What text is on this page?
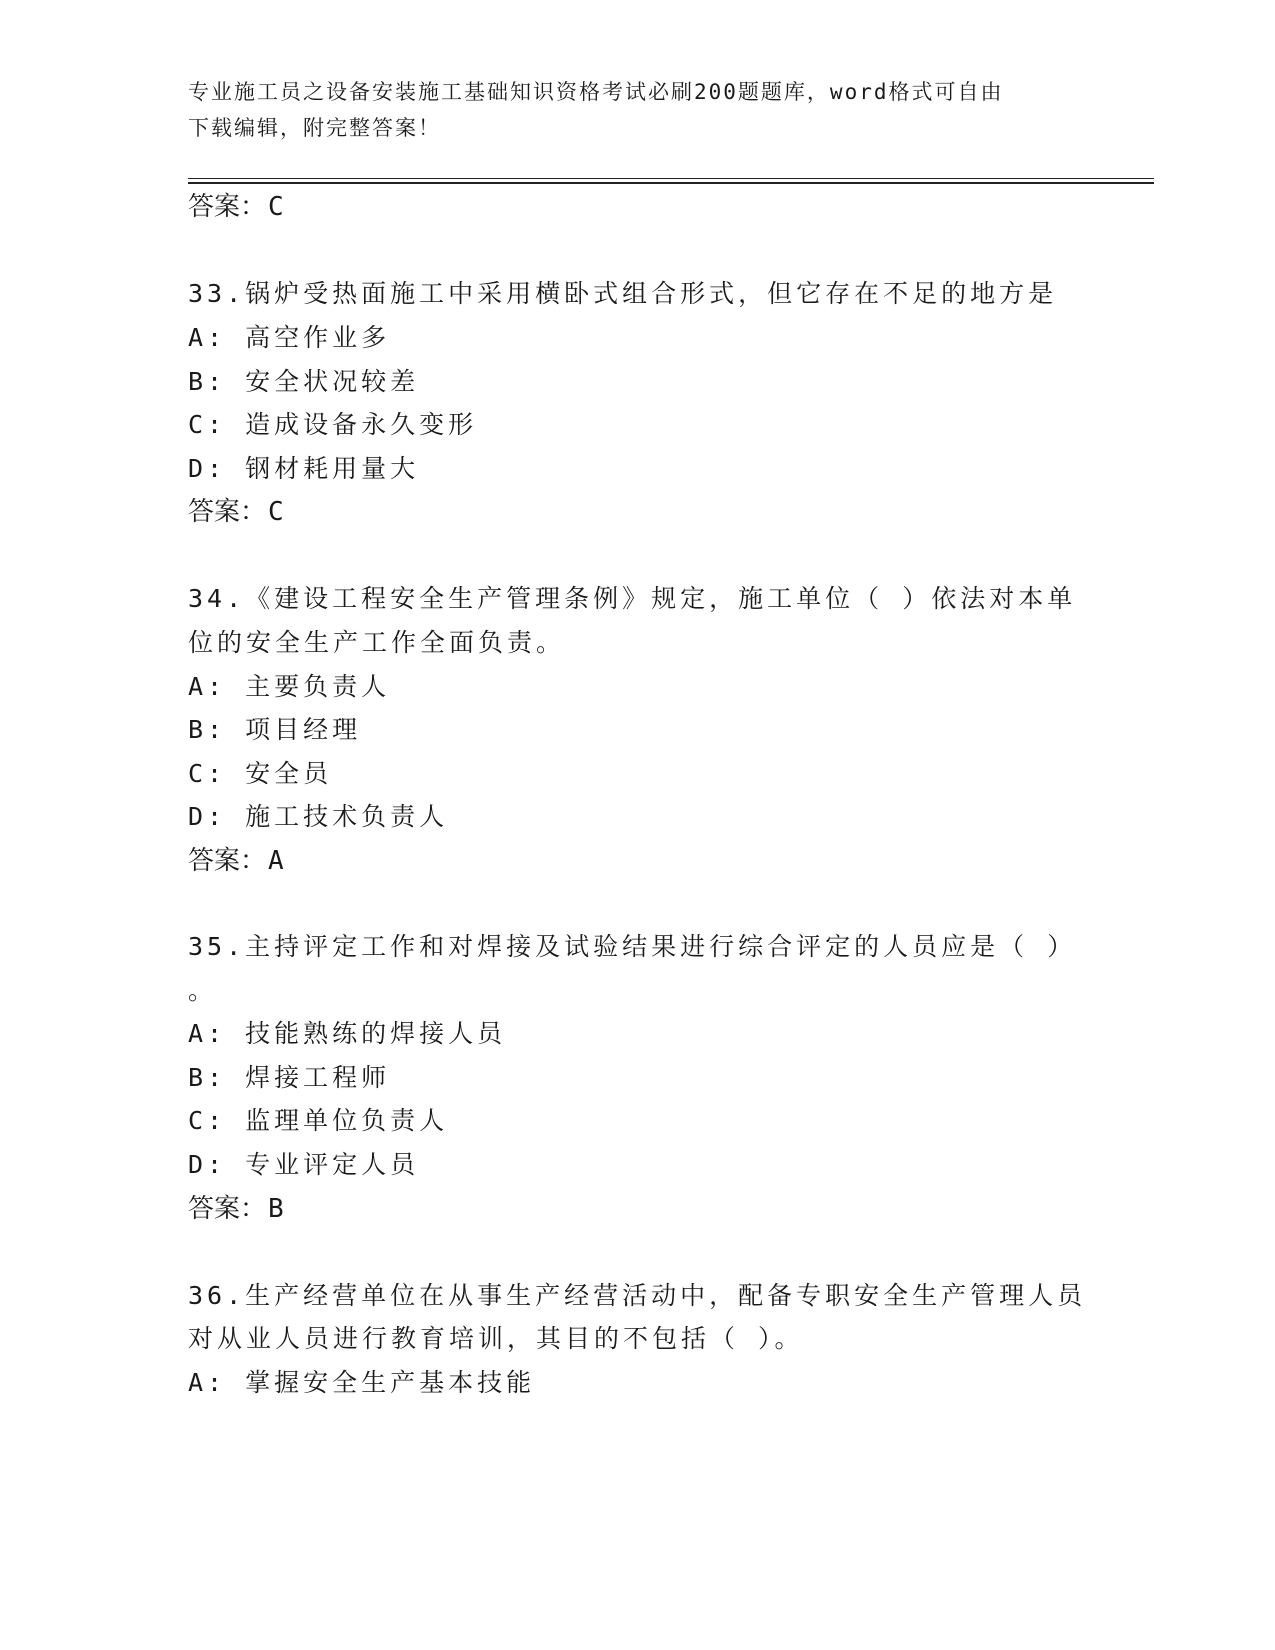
专业施工员之设备安装施工基础知识资格考试必刷200题题库，word格式可自由
下载编辑，附完整答案！
答案：C
33.锅炉受热面施工中采用横卧式组合形式，但它存在不足的地方是
A: 高空作业多
B: 安全状况较差
C: 造成设备永久变形
D: 钢材耗用量大
答案：C
34.《建设工程安全生产管理条例》规定，施工单位（ ）依法对本单
位的安全生产工作全面负责。
A: 主要负责人
B: 项目经理
C: 安全员
D: 施工技术负责人
答案：A
35.主持评定工作和对焊接及试验结果进行综合评定的人员应是（ ）
。
A: 技能熟练的焊接人员
B: 焊接工程师
C: 监理单位负责人
D: 专业评定人员
答案：B
36.生产经营单位在从事生产经营活动中，配备专职安全生产管理人员
对从业人员进行教育培训，其目的不包括（ ）。
A: 掌握安全生产基本技能
